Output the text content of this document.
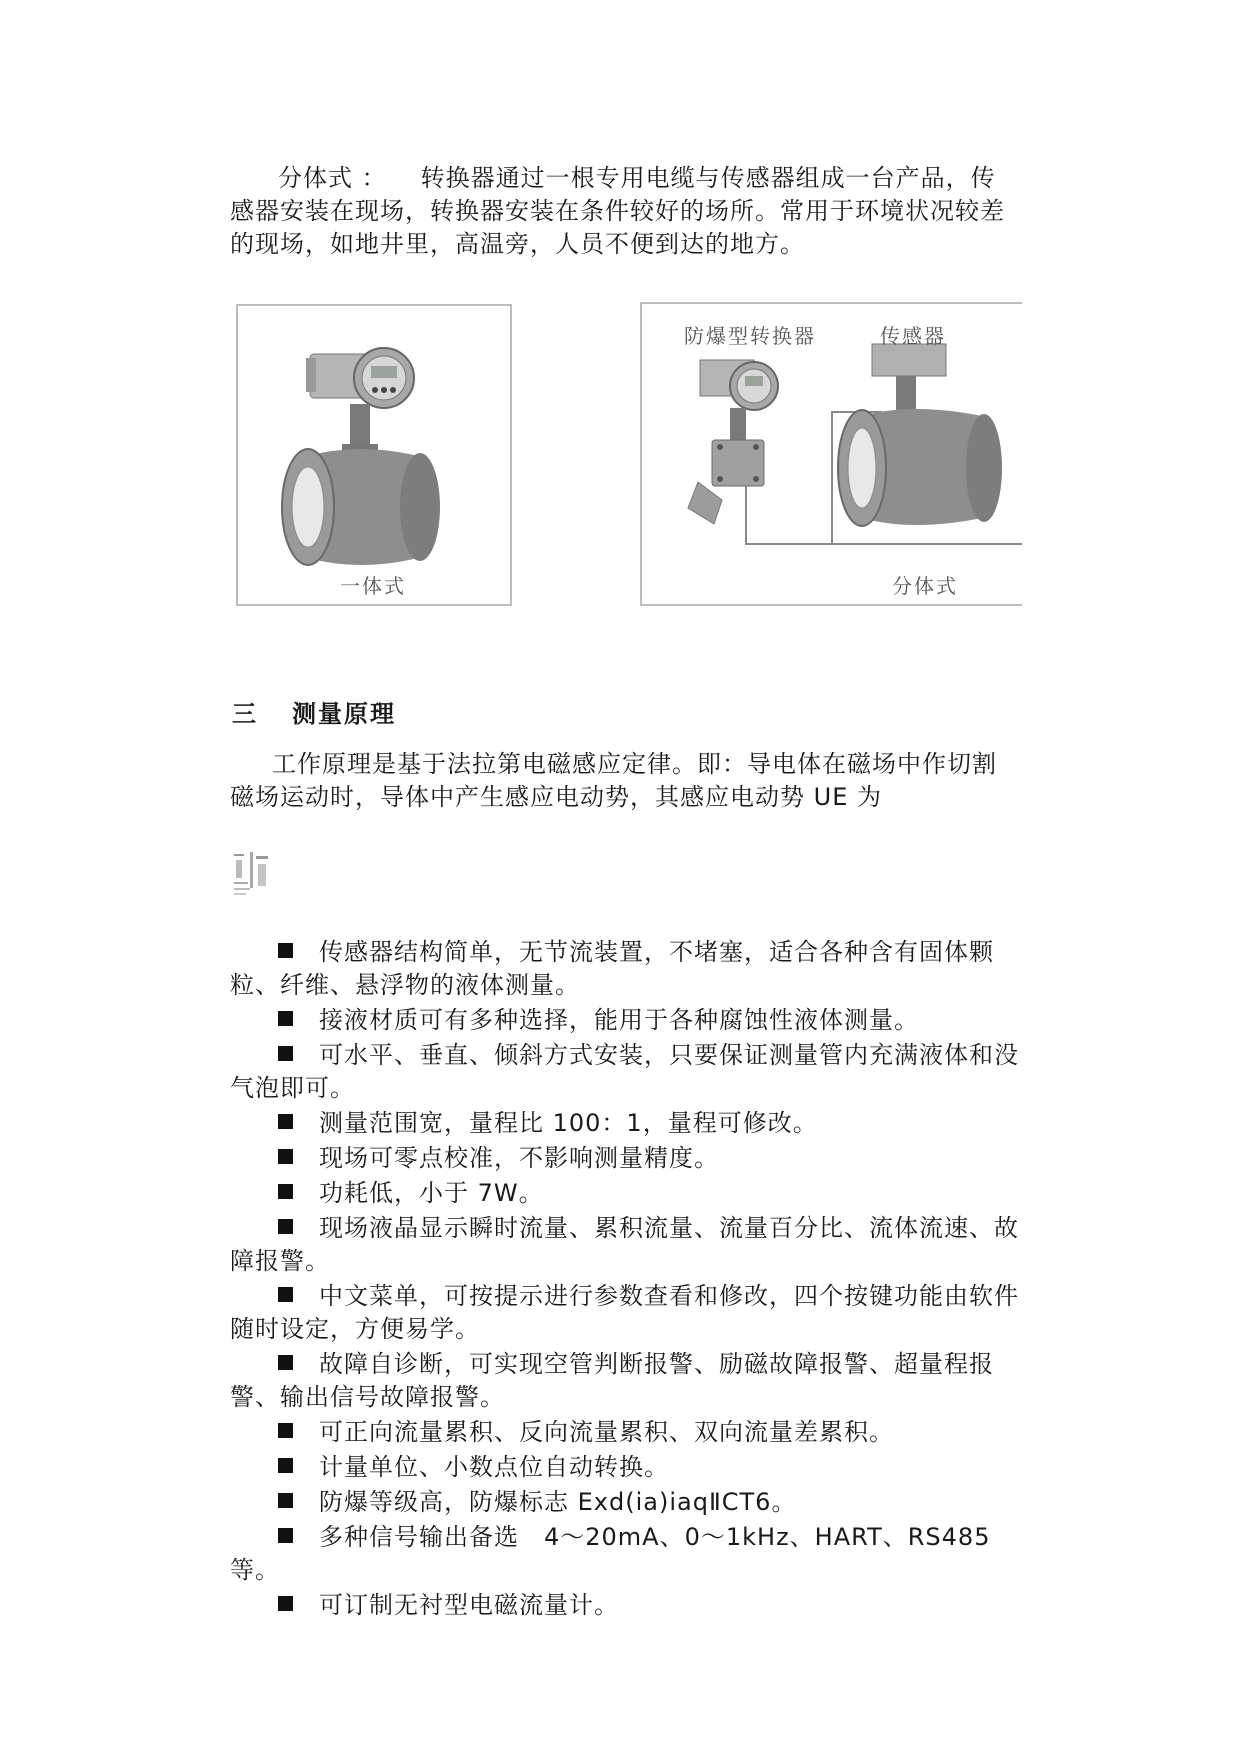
分体式 ： 转换器通过一根专用电缆与传感器组成一台产品，传感器安装在现场，转换器安装在条件较好的场所。常用于环境状况较差的现场，如地井里，高温旁，人员不便到达的地方。

一体式
防爆型转换器	传感器
分体式
三 测量原理

工作原理是基于法拉第电磁感应定律。即：导电体在磁场中作切割磁场运动时，导体中产生感应电动势，其感应电动势 UE 为

传感器结构简单，无节流装置，不堵塞，适合各种含有固体颗粒、纤维、悬浮物的液体测量。
接液材质可有多种选择，能用于各种腐蚀性液体测量。
可水平、垂直、倾斜方式安装，只要保证测量管内充满液体和没气泡即可。
测量范围宽，量程比 100：1，量程可修改。
现场可零点校准，不影响测量精度。
功耗低，小于 7W。
现场液晶显示瞬时流量、累积流量、流量百分比、流体流速、故障报警。
中文菜单，可按提示进行参数查看和修改，四个按键功能由软件随时设定，方便易学。
故障自诊断，可实现空管判断报警、励磁故障报警、超量程报警、输出信号故障报警。
可正向流量累积、反向流量累积、双向流量差累积。
计量单位、小数点位自动转换。
防爆等级高，防爆标志 Exd(ia)iaqⅡCT6。
多种信号输出备选　4～20mA、0～1kHz、HART、RS485 等。
可订制无衬型电磁流量计。
